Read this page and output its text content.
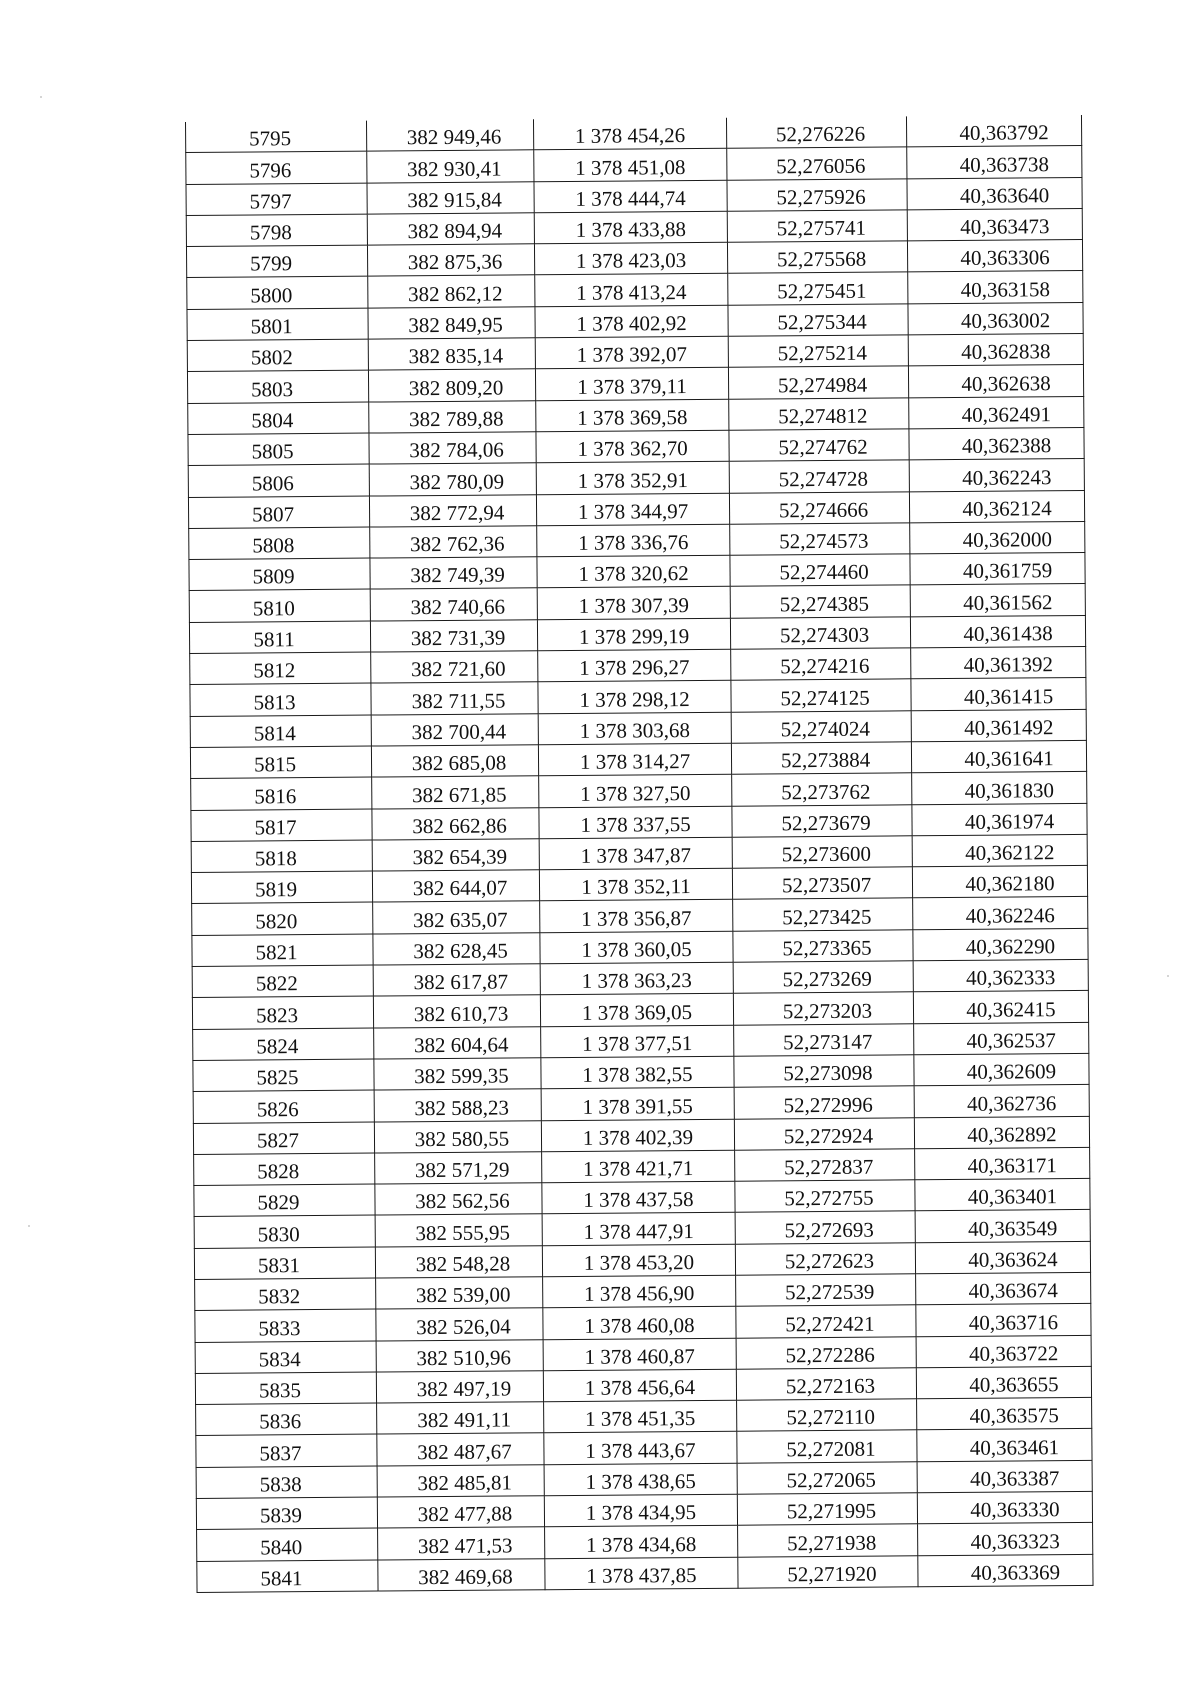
5795	382 949,46	1 378 454,26	52,276226	40,363792
5796	382 930,41	1 378 451,08	52,276056	40,363738
5797	382 915,84	1 378 444,74	52,275926	40,363640
5798	382 894,94	1 378 433,88	52,275741	40,363473
5799	382 875,36	1 378 423,03	52,275568	40,363306
5800	382 862,12	1 378 413,24	52,275451	40,363158
5801	382 849,95	1 378 402,92	52,275344	40,363002
5802	382 835,14	1 378 392,07	52,275214	40,362838
5803	382 809,20	1 378 379,11	52,274984	40,362638
5804	382 789,88	1 378 369,58	52,274812	40,362491
5805	382 784,06	1 378 362,70	52,274762	40,362388
5806	382 780,09	1 378 352,91	52,274728	40,362243
5807	382 772,94	1 378 344,97	52,274666	40,362124
5808	382 762,36	1 378 336,76	52,274573	40,362000
5809	382 749,39	1 378 320,62	52,274460	40,361759
5810	382 740,66	1 378 307,39	52,274385	40,361562
5811	382 731,39	1 378 299,19	52,274303	40,361438
5812	382 721,60	1 378 296,27	52,274216	40,361392
5813	382 711,55	1 378 298,12	52,274125	40,361415
5814	382 700,44	1 378 303,68	52,274024	40,361492
5815	382 685,08	1 378 314,27	52,273884	40,361641
5816	382 671,85	1 378 327,50	52,273762	40,361830
5817	382 662,86	1 378 337,55	52,273679	40,361974
5818	382 654,39	1 378 347,87	52,273600	40,362122
5819	382 644,07	1 378 352,11	52,273507	40,362180
5820	382 635,07	1 378 356,87	52,273425	40,362246
5821	382 628,45	1 378 360,05	52,273365	40,362290
5822	382 617,87	1 378 363,23	52,273269	40,362333
5823	382 610,73	1 378 369,05	52,273203	40,362415
5824	382 604,64	1 378 377,51	52,273147	40,362537
5825	382 599,35	1 378 382,55	52,273098	40,362609
5826	382 588,23	1 378 391,55	52,272996	40,362736
5827	382 580,55	1 378 402,39	52,272924	40,362892
5828	382 571,29	1 378 421,71	52,272837	40,363171
5829	382 562,56	1 378 437,58	52,272755	40,363401
5830	382 555,95	1 378 447,91	52,272693	40,363549
5831	382 548,28	1 378 453,20	52,272623	40,363624
5832	382 539,00	1 378 456,90	52,272539	40,363674
5833	382 526,04	1 378 460,08	52,272421	40,363716
5834	382 510,96	1 378 460,87	52,272286	40,363722
5835	382 497,19	1 378 456,64	52,272163	40,363655
5836	382 491,11	1 378 451,35	52,272110	40,363575
5837	382 487,67	1 378 443,67	52,272081	40,363461
5838	382 485,81	1 378 438,65	52,272065	40,363387
5839	382 477,88	1 378 434,95	52,271995	40,363330
5840	382 471,53	1 378 434,68	52,271938	40,363323
5841	382 469,68	1 378 437,85	52,271920	40,363369
